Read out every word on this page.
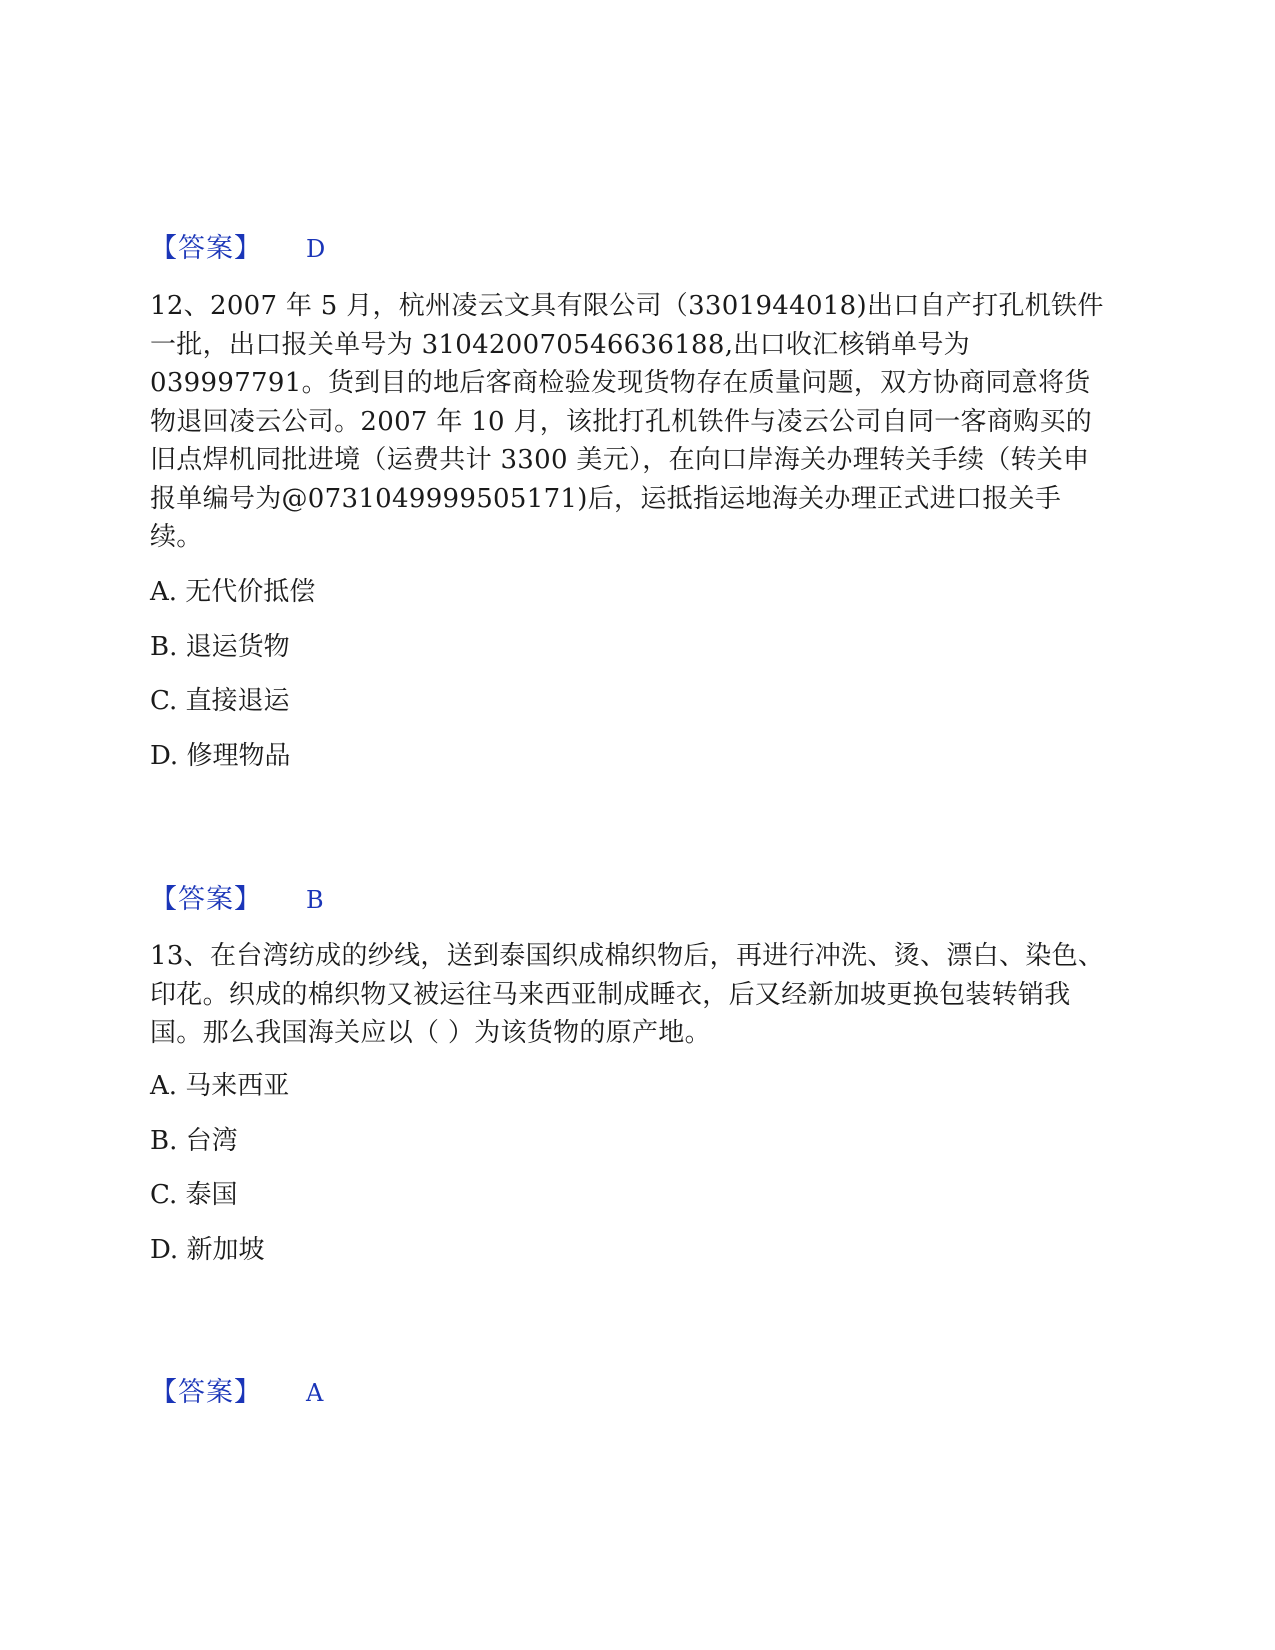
【答案】 D
12、2007 年 5 月，杭州凌云文具有限公司（3301944018)出口自产打孔机铁件一批，出口报关单号为 310420070546636188,出口收汇核销单号为039997791。货到目的地后客商检验发现货物存在质量问题，双方协商同意将货物退回凌云公司。2007 年 10 月，该批打孔机铁件与凌云公司自同一客商购买的旧点焊机同批进境（运费共计 3300 美元），在向口岸海关办理转关手续（转关申报单编号为@0731049999505171)后，运抵指运地海关办理正式进口报关手续。
A. 无代价抵偿
B. 退运货物
C. 直接退运
D. 修理物品
【答案】 B
13、在台湾纺成的纱线，送到泰国织成棉织物后，再进行冲洗、烫、漂白、染色、印花。织成的棉织物又被运往马来西亚制成睡衣，后又经新加坡更换包装转销我国。那么我国海关应以（ ）为该货物的原产地。
A. 马来西亚
B. 台湾
C. 泰国
D. 新加坡
【答案】 A
